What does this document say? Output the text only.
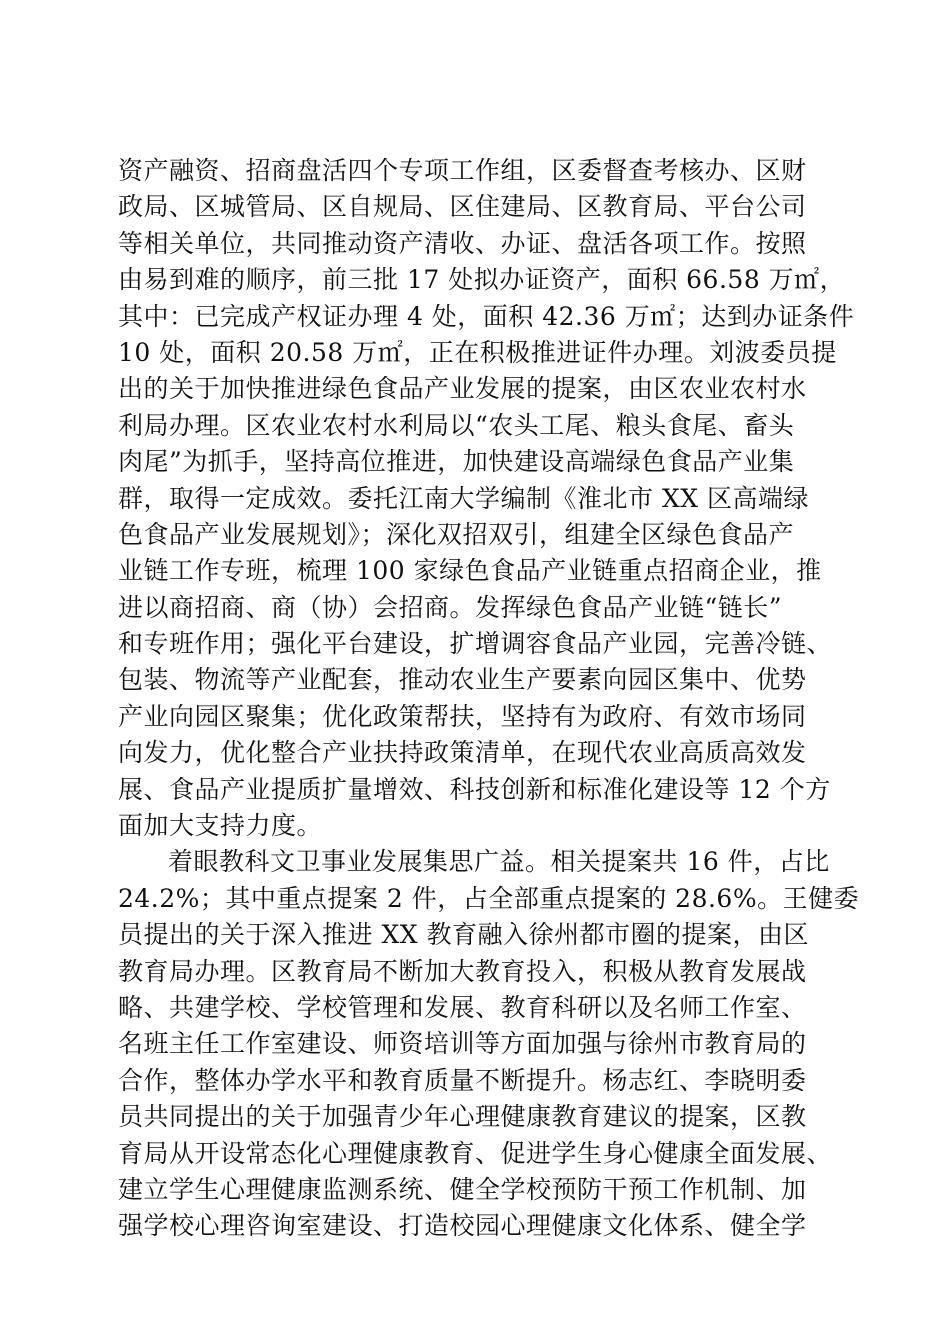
资产融资、招商盘活四个专项工作组，区委督查考核办、区财
政局、区城管局、区自规局、区住建局、区教育局、平台公司
等相关单位，共同推动资产清收、办证、盘活各项工作。按照
由易到难的顺序，前三批 17 处拟办证资产，面积 66.58 万㎡，
其中：已完成产权证办理 4 处，面积 42.36 万㎡；达到办证条件
10 处，面积 20.58 万㎡，正在积极推进证件办理。刘波委员提
出的关于加快推进绿色食品产业发展的提案，由区农业农村水
利局办理。区农业农村水利局以“农头工尾、粮头食尾、畜头
肉尾”为抓手，坚持高位推进，加快建设高端绿色食品产业集
群，取得一定成效。委托江南大学编制《淮北市 XX 区高端绿
色食品产业发展规划》；深化双招双引，组建全区绿色食品产
业链工作专班，梳理 100 家绿色食品产业链重点招商企业，推
进以商招商、商（协）会招商。发挥绿色食品产业链“链长”
和专班作用；强化平台建设，扩增调容食品产业园，完善冷链、
包装、物流等产业配套，推动农业生产要素向园区集中、优势
产业向园区聚集；优化政策帮扶，坚持有为政府、有效市场同
向发力，优化整合产业扶持政策清单，在现代农业高质高效发
展、食品产业提质扩量增效、科技创新和标准化建设等 12 个方
面加大支持力度。
着眼教科文卫事业发展集思广益。相关提案共 16 件，占比
24.2%；其中重点提案 2 件，占全部重点提案的 28.6%。王健委
员提出的关于深入推进 XX 教育融入徐州都市圈的提案，由区
教育局办理。区教育局不断加大教育投入，积极从教育发展战
略、共建学校、学校管理和发展、教育科研以及名师工作室、
名班主任工作室建设、师资培训等方面加强与徐州市教育局的
合作，整体办学水平和教育质量不断提升。杨志红、李晓明委
员共同提出的关于加强青少年心理健康教育建议的提案，区教
育局从开设常态化心理健康教育、促进学生身心健康全面发展、
建立学生心理健康监测系统、健全学校预防干预工作机制、加
强学校心理咨询室建设、打造校园心理健康文化体系、健全学
